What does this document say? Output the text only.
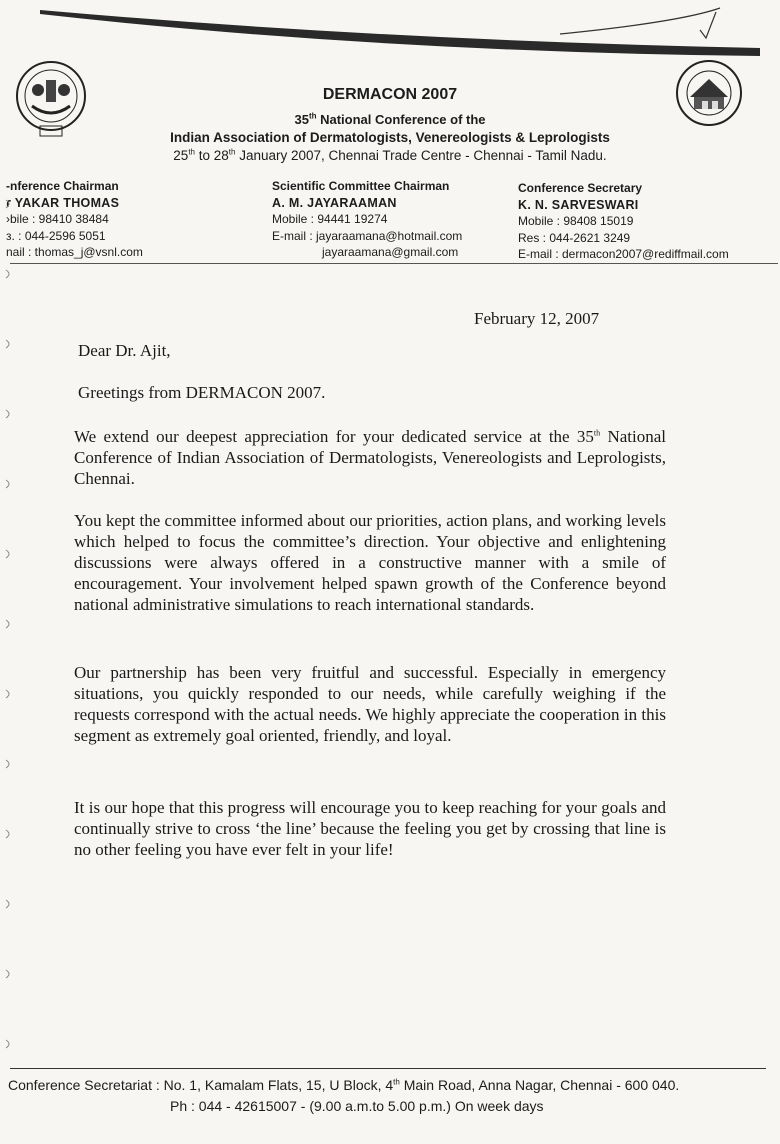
DERMACON 2007
35th National Conference of the
Indian Association of Dermatologists, Venereologists & Leprologists
25th to 28th January 2007, Chennai Trade Centre - Chennai - Tamil Nadu.
-nference Chairman
ɾ YAKAR THOMAS
›bile : 98410 38484
з. : 044-2596 5051
nail : thomas_j@vsnl.com
Scientific Committee Chairman
A. M. JAYARAAMAN
Mobile : 94441 19274
E-mail : jayaraamana@hotmail.com
jayaraamana@gmail.com
Conference Secretary
K. N. SARVESWARI
Mobile : 98408 15019
Res : 044-2621 3249
E-mail : dermacon2007@rediffmail.com
February 12, 2007
Dear Dr. Ajit,
Greetings from DERMACON 2007.
We extend our deepest appreciation for your dedicated service at the 35th National Conference of Indian Association of Dermatologists, Venereologists and Leprologists, Chennai.
You kept the committee informed about our priorities, action plans, and working levels which helped to focus the committee’s direction. Your objective and enlightening discussions were always offered in a constructive manner with a smile of encouragement. Your involvement helped spawn growth of the Conference beyond national administrative simulations to reach international standards.
Our partnership has been very fruitful and successful. Especially in emergency situations, you quickly responded to our needs, while carefully weighing if the requests correspond with the actual needs. We highly appreciate the cooperation in this segment as extremely goal oriented, friendly, and loyal.
It is our hope that this progress will encourage you to keep reaching for your goals and continually strive to cross ‘the line’ because the feeling you get by crossing that line is no other feeling you have ever felt in your life!
Conference Secretariat : No. 1, Kamalam Flats, 15, U Block, 4th Main Road, Anna Nagar, Chennai - 600 040.
Ph : 044 - 42615007 - (9.00 a.m.to 5.00 p.m.) On week days
